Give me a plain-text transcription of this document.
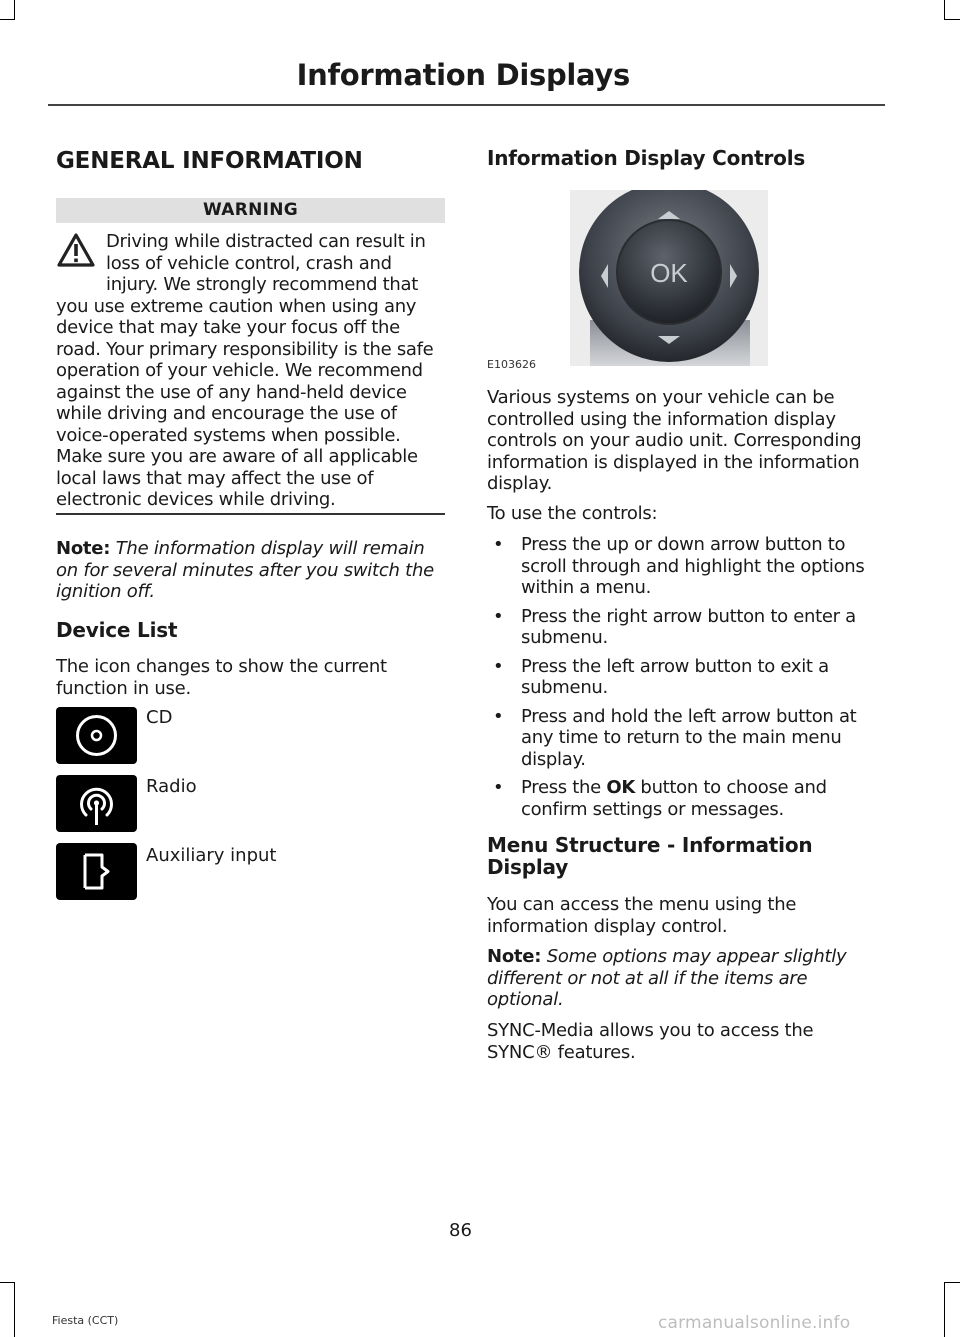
Information Displays
GENERAL INFORMATION
WARNING
Driving while distracted can result in loss of vehicle control, crash and injury. We strongly recommend that you use extreme caution when using any device that may take your focus off the road. Your primary responsibility is the safe operation of your vehicle. We recommend against the use of any hand-held device while driving and encourage the use of voice-operated systems when possible. Make sure you are aware of all applicable local laws that may affect the use of electronic devices while driving.

Note: The information display will remain on for several minutes after you switch the ignition off.

Device List

The icon changes to show the current function in use.

CD
Radio
Auxiliary input
Information Display Controls
OK
E103626

Various systems on your vehicle can be controlled using the information display controls on your audio unit. Corresponding information is displayed in the information display.

To use the controls:

• Press the up or down arrow button to scroll through and highlight the options within a menu.
• Press the right arrow button to enter a submenu.
• Press the left arrow button to exit a submenu.
• Press and hold the left arrow button at any time to return to the main menu display.
• Press the OK button to choose and confirm settings or messages.
Menu Structure - Information Display

You can access the menu using the information display control.

Note: Some options may appear slightly different or not at all if the items are optional.

SYNC-Media allows you to access the SYNC® features.

86
Fiesta (CCT)	carmanualsonline.info
